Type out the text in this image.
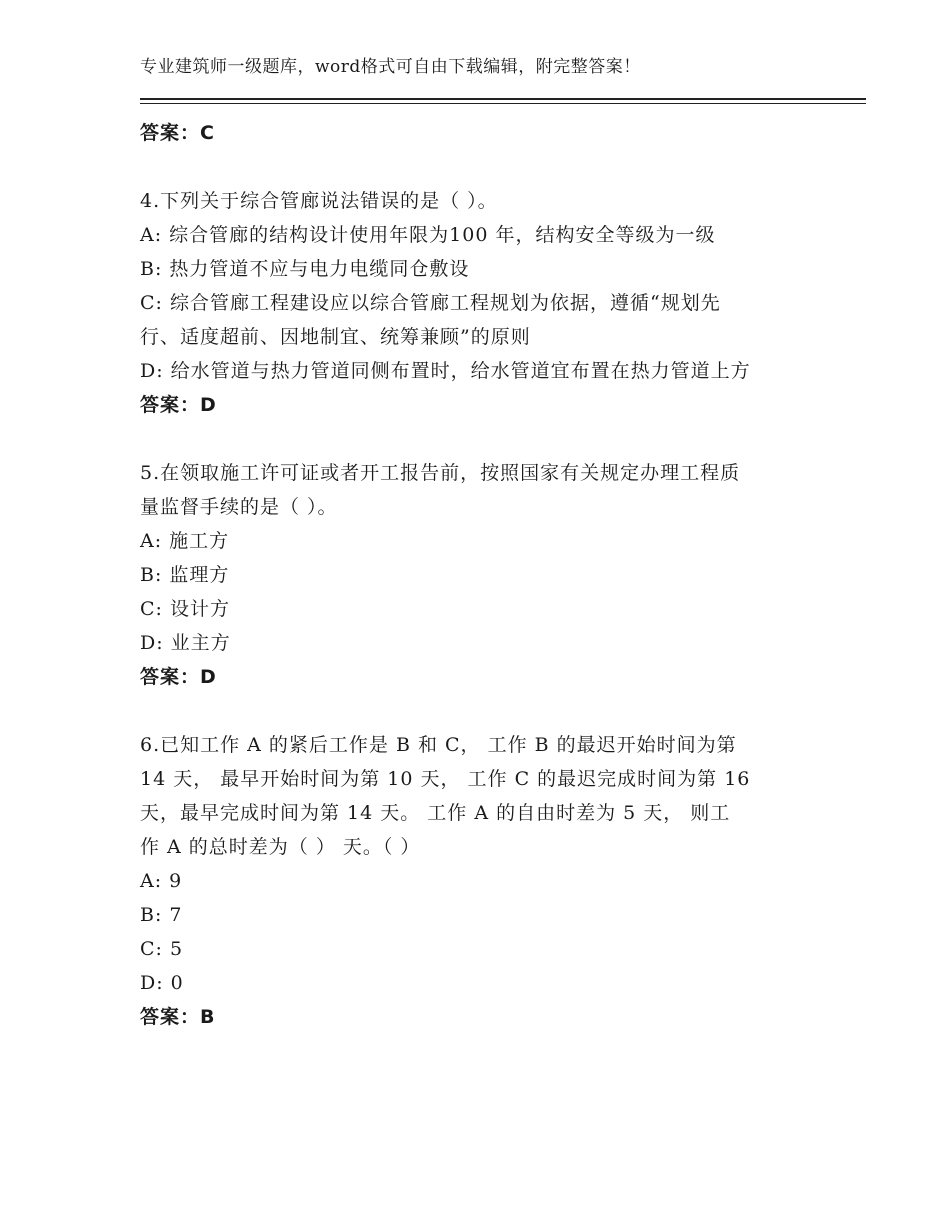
专业建筑师一级题库，word格式可自由下载编辑，附完整答案！
答案：C
4.下列关于综合管廊说法错误的是（ ）。
A: 综合管廊的结构设计使用年限为100 年，结构安全等级为一级
B: 热力管道不应与电力电缆同仓敷设
C: 综合管廊工程建设应以综合管廊工程规划为依据，遵循“规划先
行、适度超前、因地制宜、统筹兼顾”的原则
D: 给水管道与热力管道同侧布置时，给水管道宜布置在热力管道上方
答案：D
5.在领取施工许可证或者开工报告前，按照国家有关规定办理工程质
量监督手续的是（ ）。
A: 施工方
B: 监理方
C: 设计方
D: 业主方
答案：D
6.已知工作 A 的紧后工作是 B 和 C， 工作 B 的最迟开始时间为第
14 天， 最早开始时间为第 10 天， 工作 C 的最迟完成时间为第 16
天，最早完成时间为第 14 天。 工作 A 的自由时差为 5 天， 则工
作 A 的总时差为（ ） 天。（ ）
A: 9
B: 7
C: 5
D: 0
答案：B
